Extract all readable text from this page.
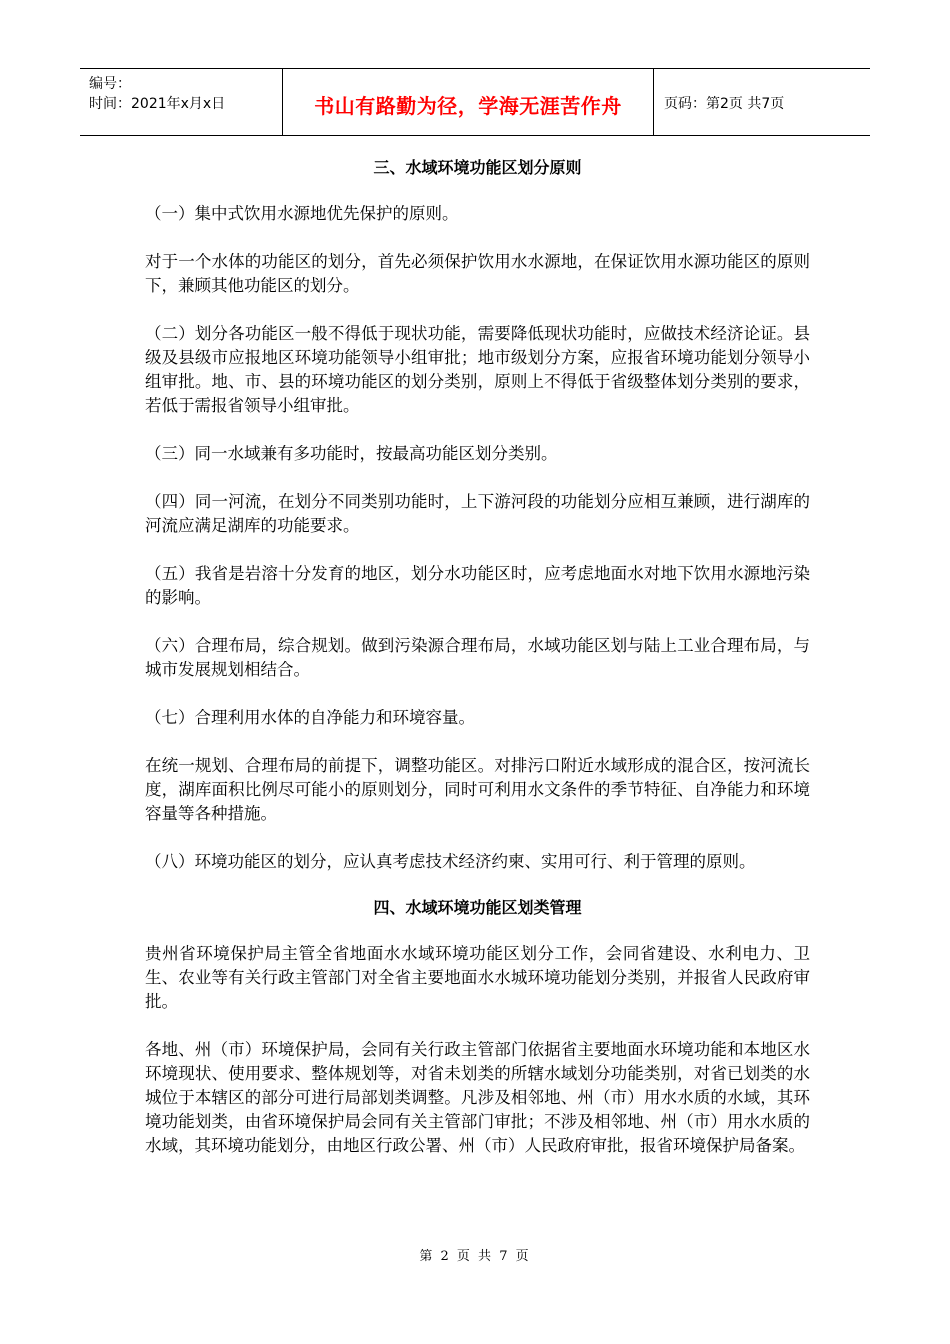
编号：
时间：2021年x月x日	书山有路勤为径，学海无涯苦作舟	页码：第2页 共7页
三、水域环境功能区划分原则

（一）集中式饮用水源地优先保护的原则。

对于一个水体的功能区的划分，首先必须保护饮用水水源地，在保证饮用水源功能区的原则下，兼顾其他功能区的划分。

（二）划分各功能区一般不得低于现状功能，需要降低现状功能时，应做技术经济论证。县级及县级市应报地区环境功能领导小组审批；地市级划分方案，应报省环境功能划分领导小组审批。地、市、县的环境功能区的划分类别，原则上不得低于省级整体划分类别的要求，若低于需报省领导小组审批。

（三）同一水域兼有多功能时，按最高功能区划分类别。

（四）同一河流，在划分不同类别功能时，上下游河段的功能划分应相互兼顾，进行湖库的河流应满足湖库的功能要求。

（五）我省是岩溶十分发育的地区，划分水功能区时，应考虑地面水对地下饮用水源地污染的影响。

（六）合理布局，综合规划。做到污染源合理布局，水域功能区划与陆上工业合理布局，与城市发展规划相结合。

（七）合理利用水体的自净能力和环境容量。

在统一规划、合理布局的前提下，调整功能区。对排污口附近水域形成的混合区，按河流长度，湖库面积比例尽可能小的原则划分，同时可利用水文条件的季节特征、自净能力和环境容量等各种措施。

（八）环境功能区的划分，应认真考虑技术经济约柬、实用可行、利于管理的原则。

四、水域环境功能区划类管理

贵州省环境保护局主管全省地面水水域环境功能区划分工作，会同省建设、水利电力、卫生、农业等有关行政主管部门对全省主要地面水水城环境功能划分类别，并报省人民政府审批。

各地、州（市）环境保护局，会同有关行政主管部门依据省主要地面水环境功能和本地区水环境现状、使用要求、整体规划等，对省未划类的所辖水域划分功能类别，对省已划类的水城位于本辖区的部分可进行局部划类调整。凡涉及相邻地、州（市）用水水质的水域，其环境功能划类，由省环境保护局会同有关主管部门审批；不涉及相邻地、州（市）用水水质的水域，其环境功能划分，由地区行政公署、州（市）人民政府审批，报省环境保护局备案。

第 2 页 共 7 页
